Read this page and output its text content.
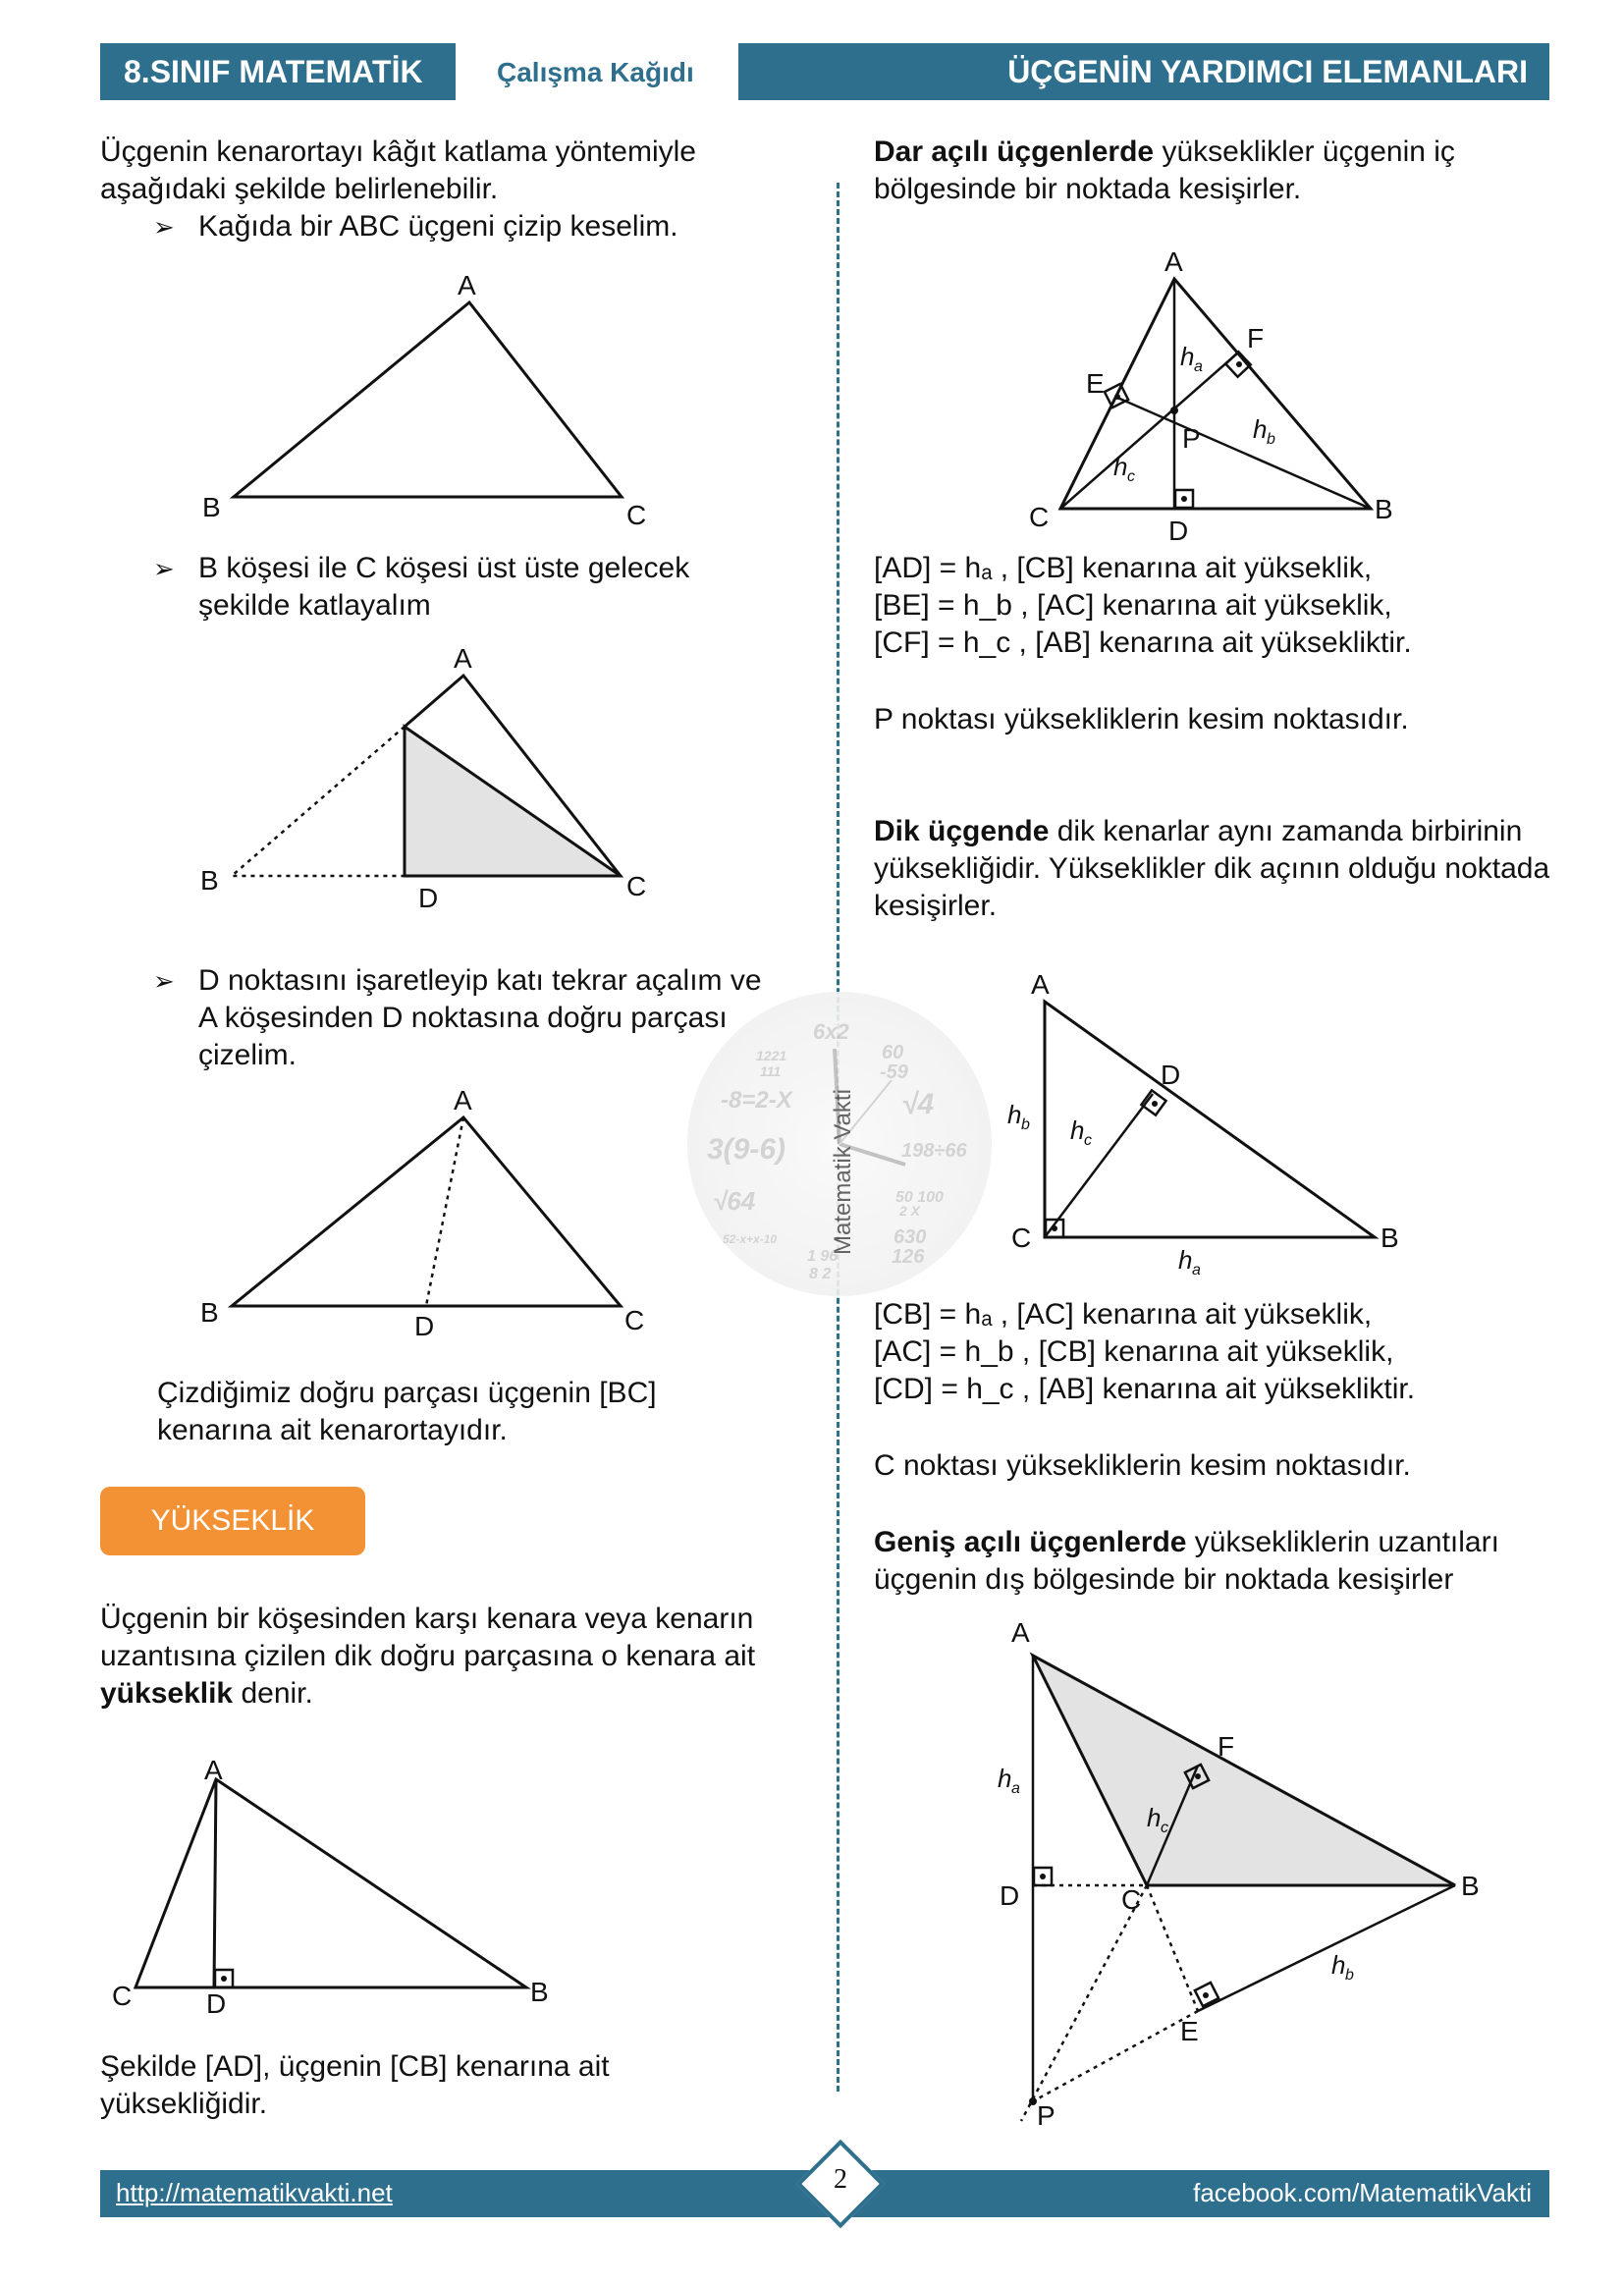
8.SINIF MATEMATİK	Çalışma Kağıdı	ÜÇGENİN YARDIMCI ELEMANLARI
6x2
1221
111
60
-59
-8=2-X	√4
3(9-6)	198÷66
√64	50 100
2 X
52-x+x-10	630
126
1 96
8 2
Matematik Vakti
Üçgenin kenarortayı kâğıt katlama yöntemiyle aşağıdaki şekilde belirlenebilir.
➢ Kağıda bir ABC üçgeni çizip keselim.
A
B	C
➢ B köşesi ile C köşesi üst üste gelecek şekilde katlayalım
A
B	C
D
➢ D noktasını işaretleyip katı tekrar açalım ve A köşesinden D noktasına doğru parçası çizelim.
A
B	C
D
Çizdiğimiz doğru parçası üçgenin [BC] kenarına ait kenarortayıdır.
YÜKSEKLİK
Üçgenin bir köşesinden karşı kenara veya kenarın uzantısına çizilen dik doğru parçasına o kenara ait yükseklik denir.
A
C	D	B
Şekilde [AD], üçgenin [CB] kenarına ait yüksekliğidir.
Dar açılı üçgenlerde yükseklikler üçgenin iç bölgesinde bir noktada kesişirler.
A
F
E
P
C	D
B
h a
h b
h c
[AD] = hₐ , [CB] kenarına ait yükseklik,
[BE] = h_b , [AC] kenarına ait yükseklik,
[CF] = h_c , [AB] kenarına ait yüksekliktir.
P noktası yüksekliklerin kesim noktasıdır.
Dik üçgende dik kenarlar aynı zamanda birbirinin yüksekliğidir. Yükseklikler dik açının olduğu noktada kesişirler.
A
D
C	B
h b h c
h a
[CB] = hₐ , [AC] kenarına ait yükseklik,
[AC] = h_b , [CB] kenarına ait yükseklik,
[CD] = h_c , [AB] kenarına ait yüksekliktir.
C noktası yüksekliklerin kesim noktasıdır.
Geniş açılı üçgenlerde yüksekliklerin uzantıları üçgenin dış bölgesinde bir noktada kesişirler
A
F
D	C	B
E
P
h a
h c
h b
http://matematikvakti.net	2	facebook.com/MatematikVakti
